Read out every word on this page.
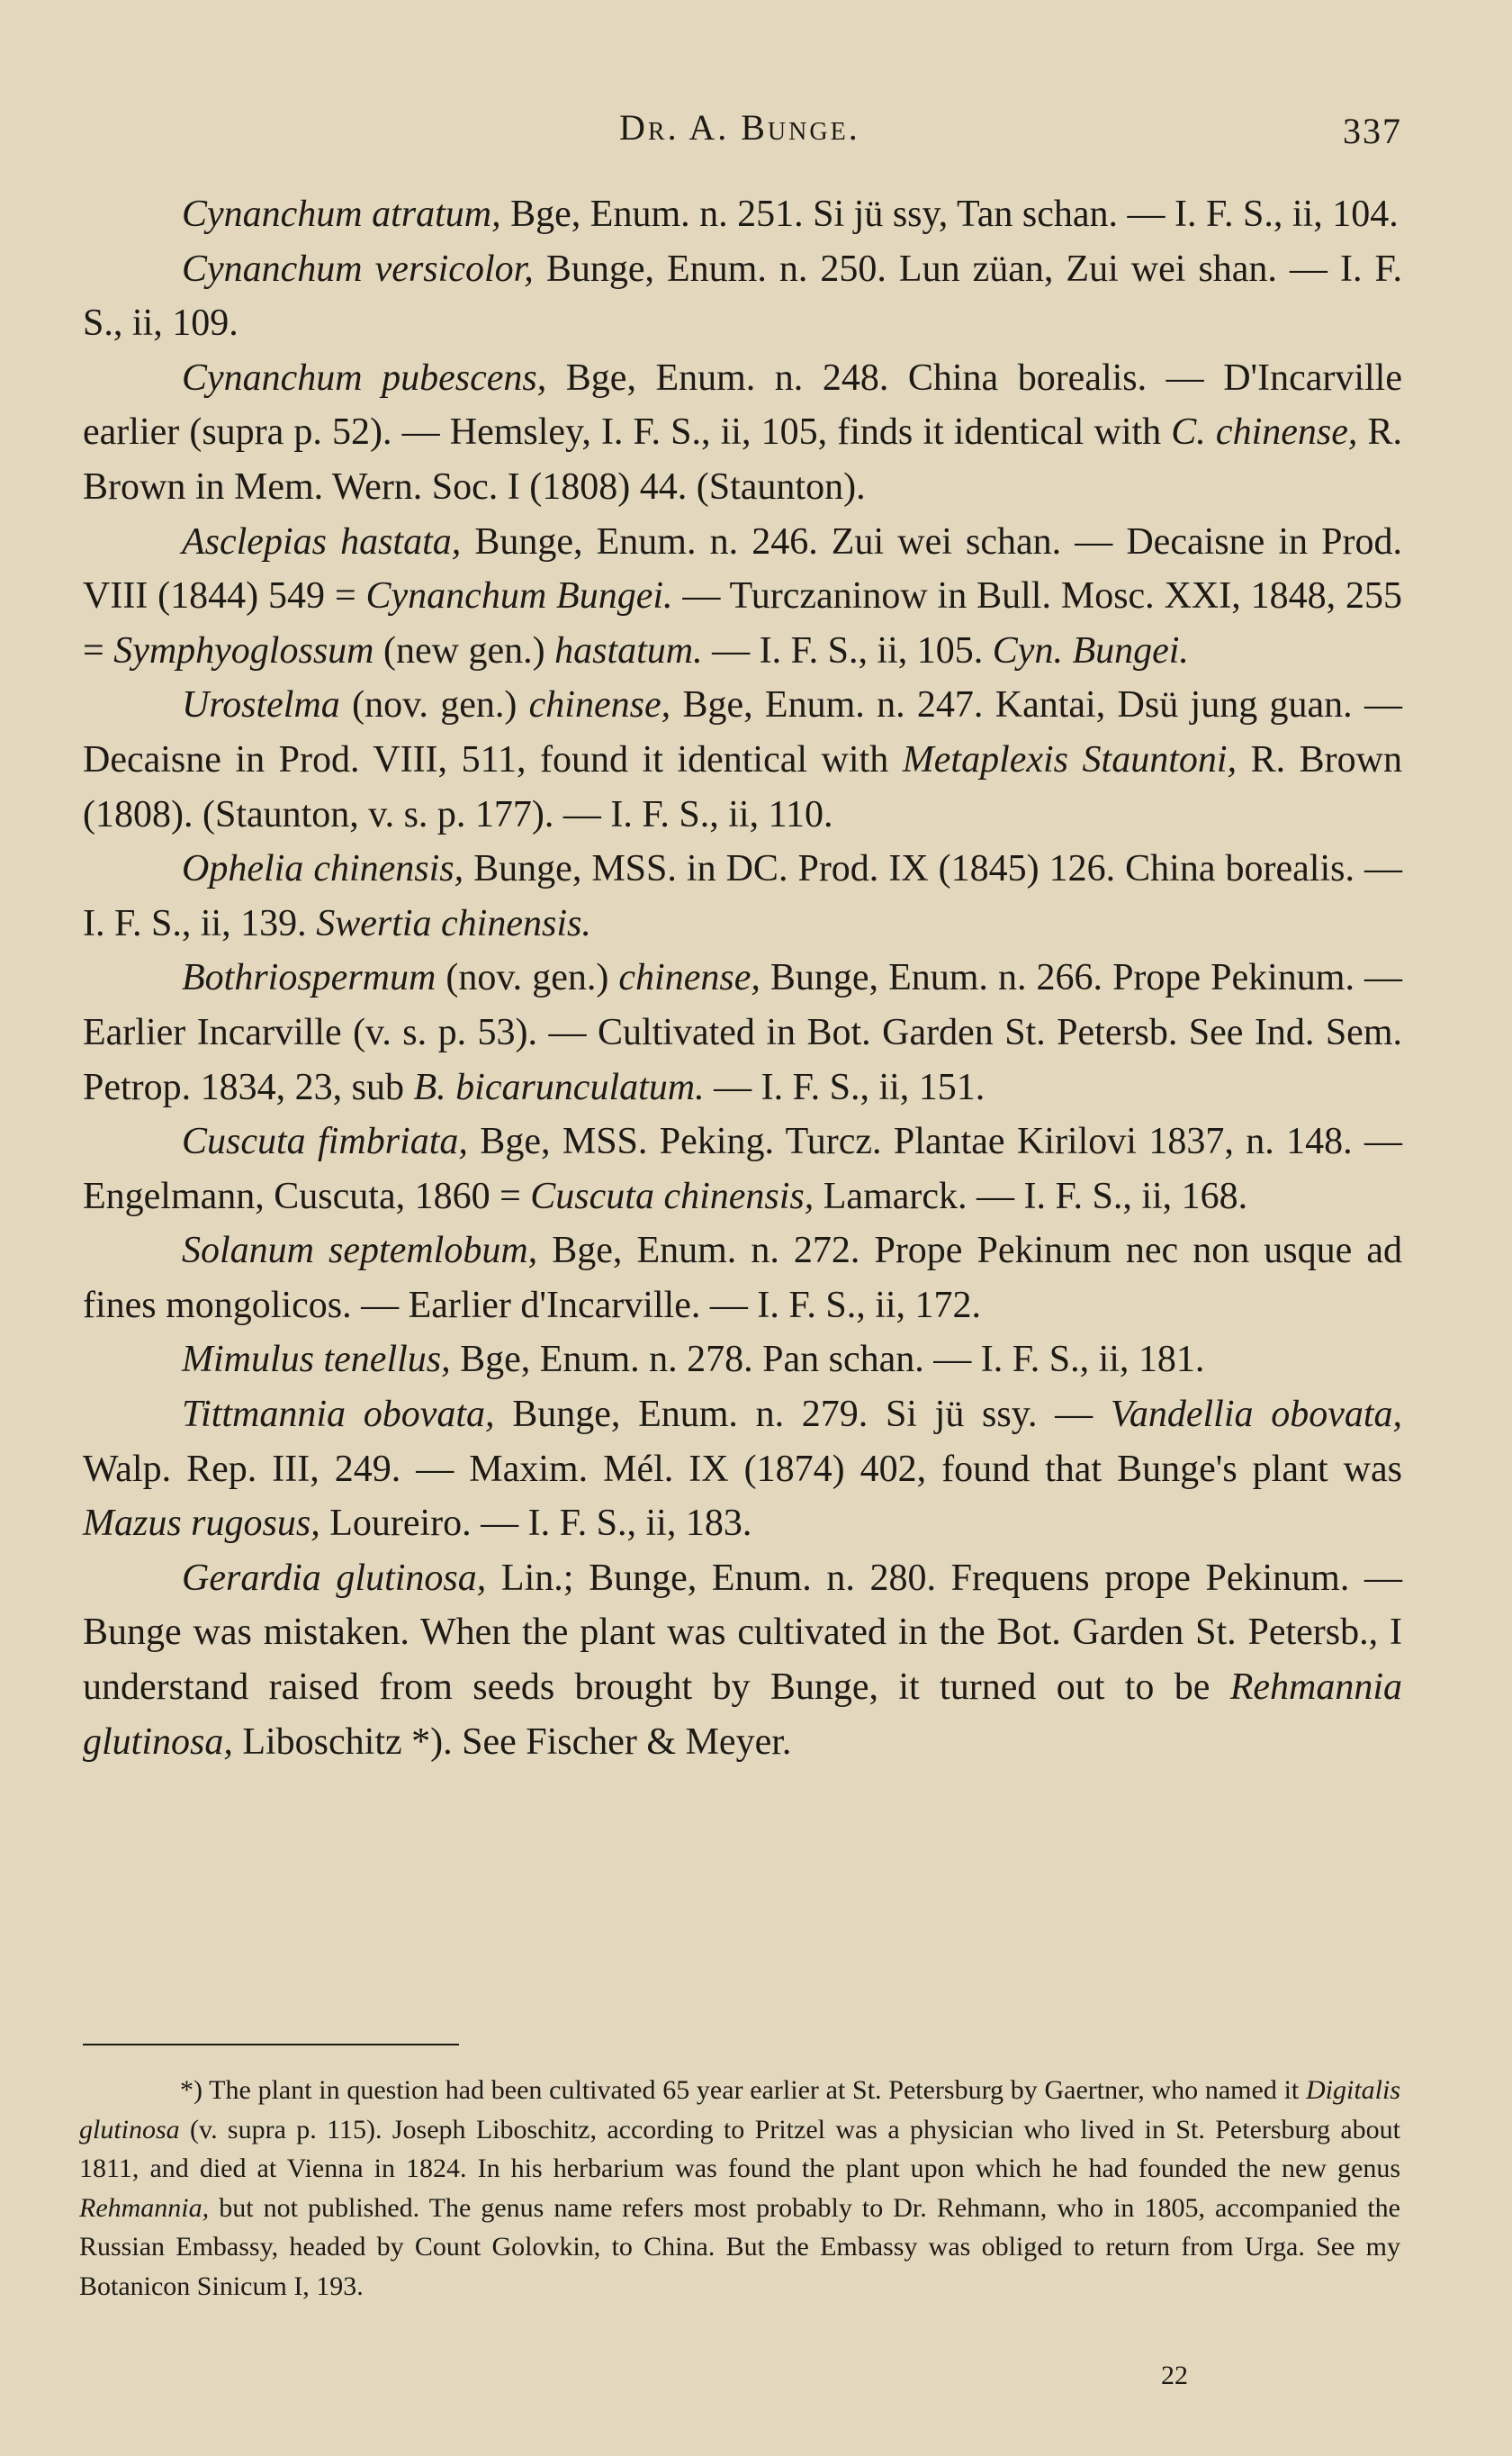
Dr. A. Bunge.	337

Cynanchum atratum, Bge, Enum. n. 251. Si jü ssy, Tan schan. — I. F. S., ii, 104.

Cynanchum versicolor, Bunge, Enum. n. 250. Lun züan, Zui wei shan. — I. F. S., ii, 109.

Cynanchum pubescens, Bge, Enum. n. 248. China borealis. — D'Incarville earlier (supra p. 52). — Hemsley, I. F. S., ii, 105, finds it identical with C. chinense, R. Brown in Mem. Wern. Soc. I (1808) 44. (Staunton).

Asclepias hastata, Bunge, Enum. n. 246. Zui wei schan. — Decaisne in Prod. VIII (1844) 549 = Cynanchum Bungei. — Turczaninow in Bull. Mosc. XXI, 1848, 255 = Symphyoglossum (new gen.) hastatum. — I. F. S., ii, 105. Cyn. Bungei.

Urostelma (nov. gen.) chinense, Bge, Enum. n. 247. Kantai, Dsü jung guan. — Decaisne in Prod. VIII, 511, found it identical with Metaplexis Stauntoni, R. Brown (1808). (Staunton, v. s. p. 177). — I. F. S., ii, 110.

Ophelia chinensis, Bunge, MSS. in DC. Prod. IX (1845) 126. China borealis. — I. F. S., ii, 139. Swertia chinensis.

Bothriospermum (nov. gen.) chinense, Bunge, Enum. n. 266. Prope Pekinum. — Earlier Incarville (v. s. p. 53). — Cultivated in Bot. Garden St. Petersb. See Ind. Sem. Petrop. 1834, 23, sub B. bicarunculatum. — I. F. S., ii, 151.

Cuscuta fimbriata, Bge, MSS. Peking. Turcz. Plantae Kirilovi 1837, n. 148. — Engelmann, Cuscuta, 1860 = Cuscuta chinensis, Lamarck. — I. F. S., ii, 168.

Solanum septemlobum, Bge, Enum. n. 272. Prope Pekinum nec non usque ad fines mongolicos. — Earlier d'Incarville. — I. F. S., ii, 172.

Mimulus tenellus, Bge, Enum. n. 278. Pan schan. — I. F. S., ii, 181.

Tittmannia obovata, Bunge, Enum. n. 279. Si jü ssy. — Vandellia obovata, Walp. Rep. III, 249. — Maxim. Mél. IX (1874) 402, found that Bunge's plant was Mazus rugosus, Loureiro. — I. F. S., ii, 183.

Gerardia glutinosa, Lin.; Bunge, Enum. n. 280. Frequens prope Pekinum. — Bunge was mistaken. When the plant was cultivated in the Bot. Garden St. Petersb., I understand raised from seeds brought by Bunge, it turned out to be Rehmannia glutinosa, Liboschitz *). See Fischer & Meyer.

*) The plant in question had been cultivated 65 year earlier at St. Petersburg by Gaertner, who named it Digitalis glutinosa (v. supra p. 115). Joseph Liboschitz, according to Pritzel was a physician who lived in St. Petersburg about 1811, and died at Vienna in 1824. In his herbarium was found the plant upon which he had founded the new genus Rehmannia, but not published. The genus name refers most probably to Dr. Rehmann, who in 1805, accompanied the Russian Embassy, headed by Count Golovkin, to China. But the Embassy was obliged to return from Urga. See my Botanicon Sinicum I, 193.

22
